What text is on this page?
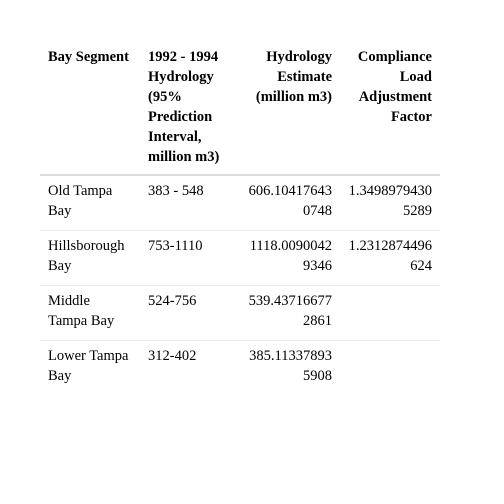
Bay Segment	1992 - 1994 Hydrology (95% Prediction Interval, million m3)	Hydrology Estimate (million m3)	Compliance Load Adjustment Factor
Old Tampa Bay	383 - 548	606.104176430748	1.34989794305289
Hillsborough Bay	753-1110	1118.00900429346	1.2312874496624
Middle Tampa Bay	524-756	539.437166772861	
Lower Tampa Bay	312-402	385.113378935908	
